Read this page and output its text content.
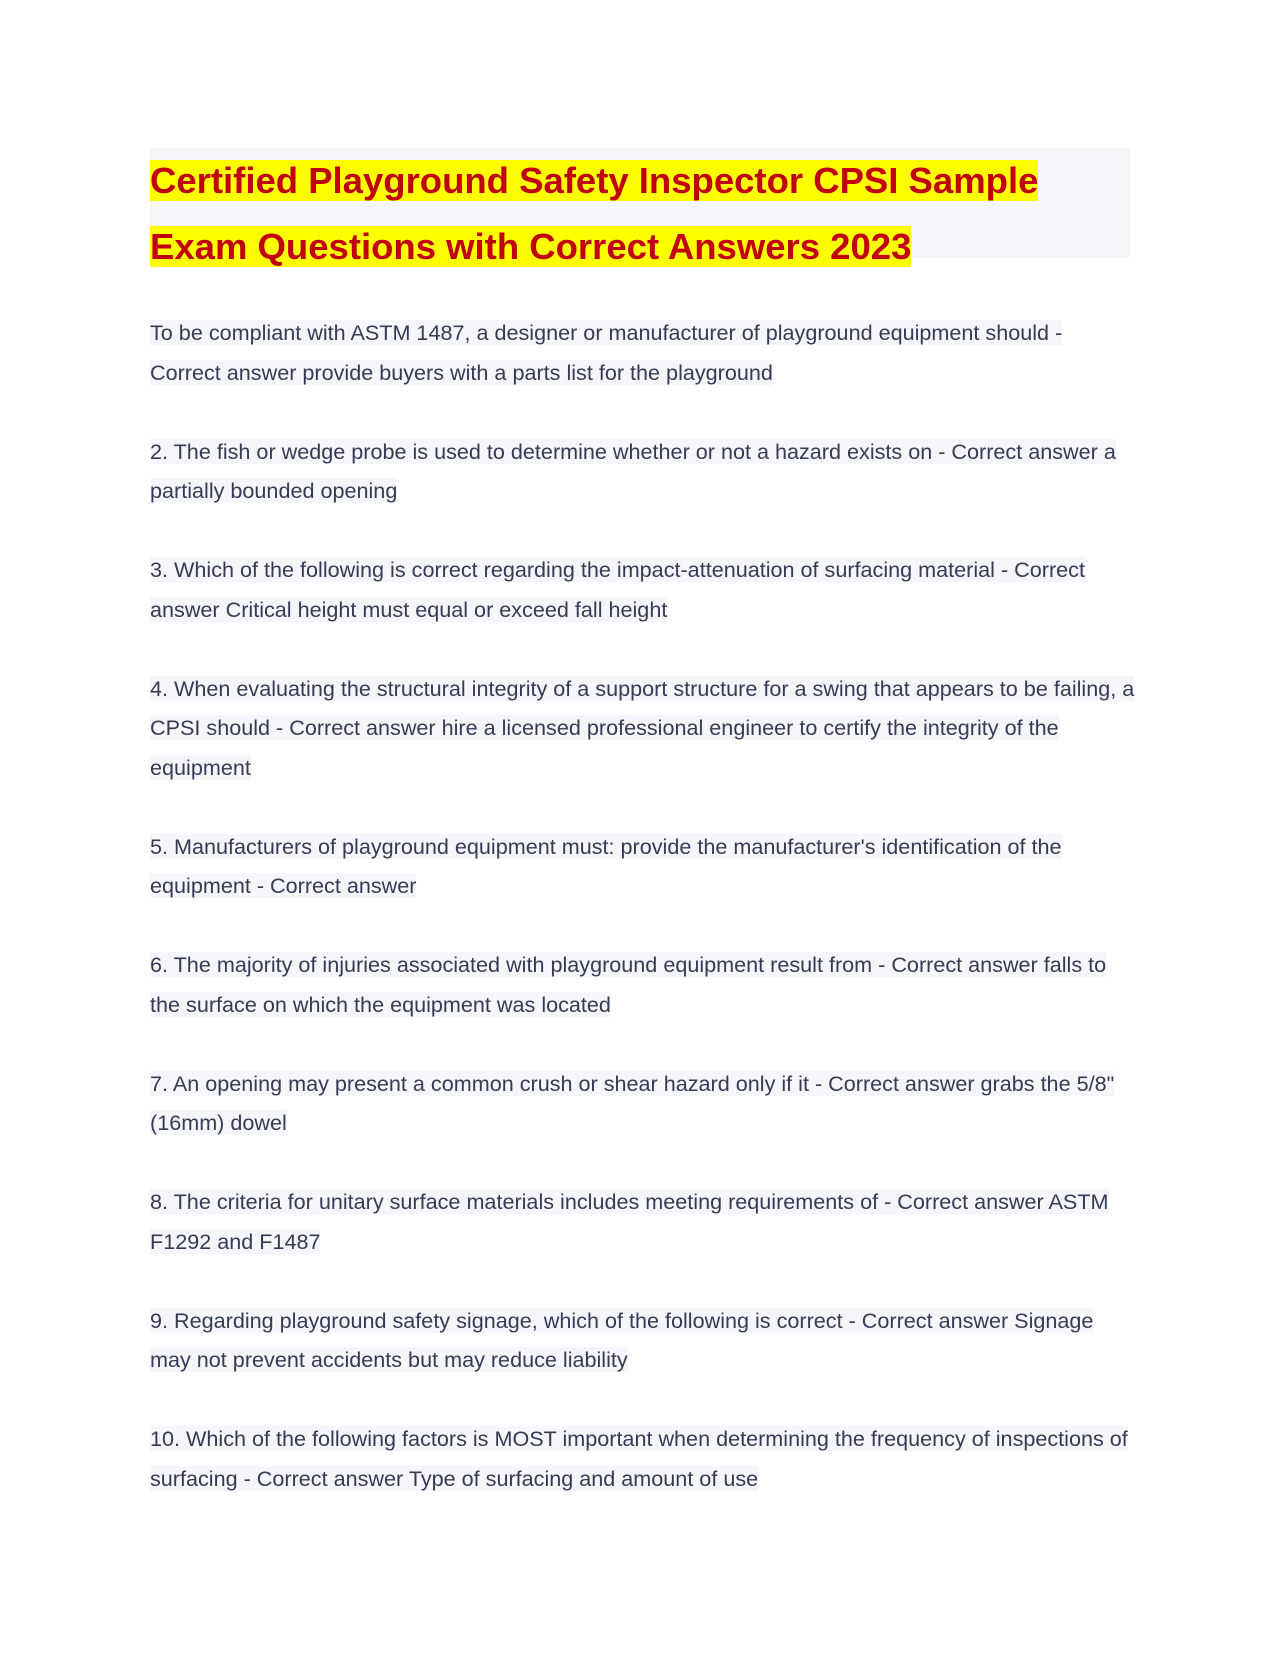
Certified Playground Safety Inspector CPSI Sample Exam Questions with Correct Answers 2023

To be compliant with ASTM 1487, a designer or manufacturer of playground equipment should - Correct answer provide buyers with a parts list for the playground

2. The fish or wedge probe is used to determine whether or not a hazard exists on - Correct answer a partially bounded opening

3. Which of the following is correct regarding the impact-attenuation of surfacing material - Correct answer Critical height must equal or exceed fall height

4. When evaluating the structural integrity of a support structure for a swing that appears to be failing, a CPSI should - Correct answer hire a licensed professional engineer to certify the integrity of the equipment

5. Manufacturers of playground equipment must: provide the manufacturer's identification of the equipment - Correct answer

6. The majority of injuries associated with playground equipment result from - Correct answer falls to the surface on which the equipment was located

7. An opening may present a common crush or shear hazard only if it - Correct answer grabs the 5/8" (16mm) dowel

8. The criteria for unitary surface materials includes meeting requirements of - Correct answer ASTM F1292 and F1487

9. Regarding playground safety signage, which of the following is correct - Correct answer Signage may not prevent accidents but may reduce liability

10. Which of the following factors is MOST important when determining the frequency of inspections of surfacing - Correct answer Type of surfacing and amount of use
